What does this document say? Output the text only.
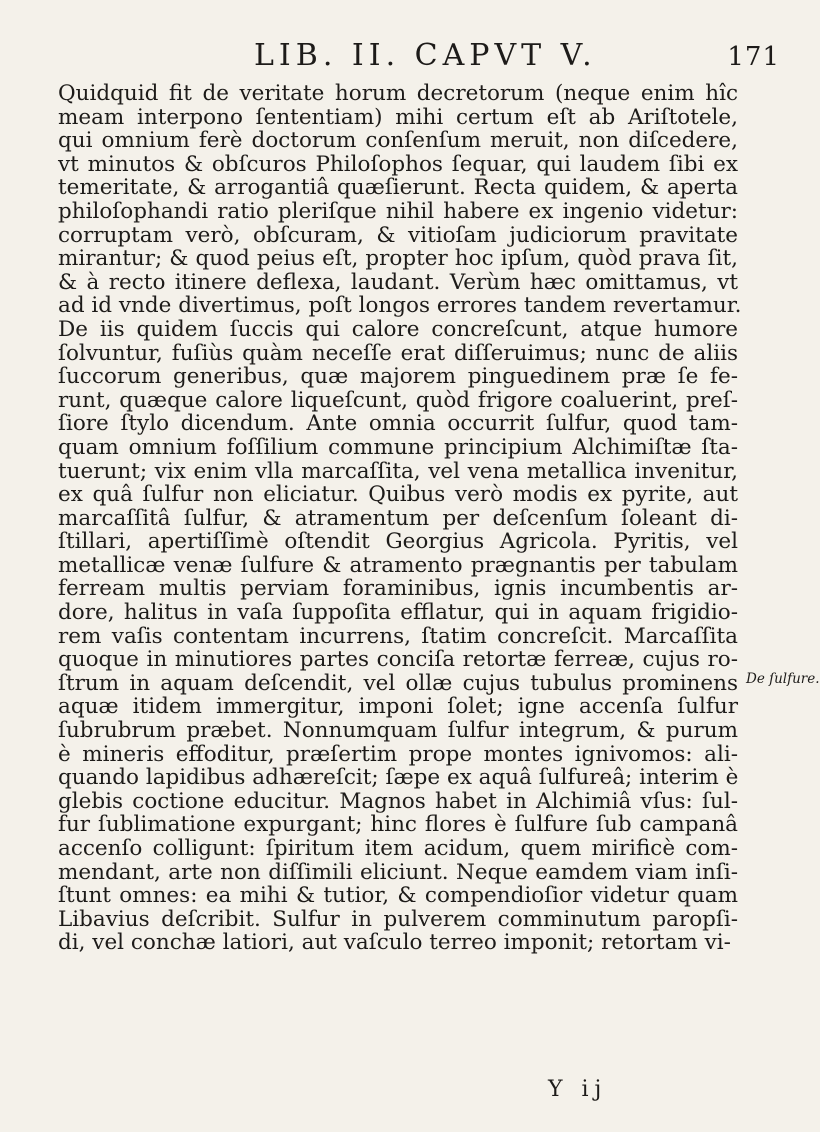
LIB. II. CAPVT V.	171
Quidquid fit de veritate horum decretorum (neque enim hîc
meam interpono ſententiam) mihi certum eſt ab Ariſtotele,
qui omnium ferè doctorum conſenſum meruit, non diſcedere,
vt minutos & obſcuros Philoſophos ſequar, qui laudem ſibi ex
temeritate, & arrogantiâ quæſierunt. Recta quidem, & aperta
philoſophandi ratio pleriſque nihil habere ex ingenio videtur:
corruptam verò, obſcuram, & vitioſam judiciorum pravitate
mirantur; & quod peius eſt, propter hoc ipſum, quòd prava ſit,
& à recto itinere deflexa, laudant. Verùm hæc omittamus, vt
ad id vnde divertimus, poſt longos errores tandem revertamur.
De iis quidem ſuccis qui calore concreſcunt, atque humore
ſolvuntur, fuſiùs quàm neceſſe erat diſſeruimus; nunc de aliis
ſuccorum generibus, quæ majorem pinguedinem præ ſe fe-
runt, quæque calore liqueſcunt, quòd frigore coaluerint, preſ-
ſiore ſtylo dicendum. Ante omnia occurrit ſulfur, quod tam-
quam omnium foſſilium commune principium Alchimiſtæ ſta-
tuerunt; vix enim vlla marcaſſita, vel vena metallica invenitur,
ex quâ ſulfur non eliciatur. Quibus verò modis ex pyrite, aut
marcaſſitâ ſulfur, & atramentum per deſcenſum ſoleant di-
ſtillari, apertiſſimè oſtendit Georgius Agricola. Pyritis, vel
metallicæ venæ ſulfure & atramento prægnantis per tabulam
ferream multis perviam foraminibus, ignis incumbentis ar-
dore, halitus in vaſa ſuppoſita efflatur, qui in aquam frigidio-
rem vaſis contentam incurrens, ſtatim concreſcit. Marcaſſita
quoque in minutiores partes conciſa retortæ ferreæ, cujus ro-
ſtrum in aquam deſcendit, vel ollæ cujus tubulus prominens
aquæ itidem immergitur, imponi ſolet; igne accenſa ſulfur
ſubrubrum præbet. Nonnumquam ſulfur integrum, & purum
è mineris effoditur, præſertim prope montes ignivomos: ali-
quando lapidibus adhæreſcit; ſæpe ex aquâ ſulfureâ; interim è
glebis coctione educitur. Magnos habet in Alchimiâ vſus: ſul-
fur ſublimatione expurgant; hinc flores è ſulfure ſub campanâ
accenſo colligunt: ſpiritum item acidum, quem mirificè com-
mendant, arte non diſſimili eliciunt. Neque eamdem viam inſi-
ſtunt omnes: ea mihi & tutior, & compendioſior videtur quam
Libavius deſcribit. Sulfur in pulverem comminutum paropſi-
di, vel conchæ latiori, aut vaſculo terreo imponit; retortam vi-
De ſulfure.
Y ij
